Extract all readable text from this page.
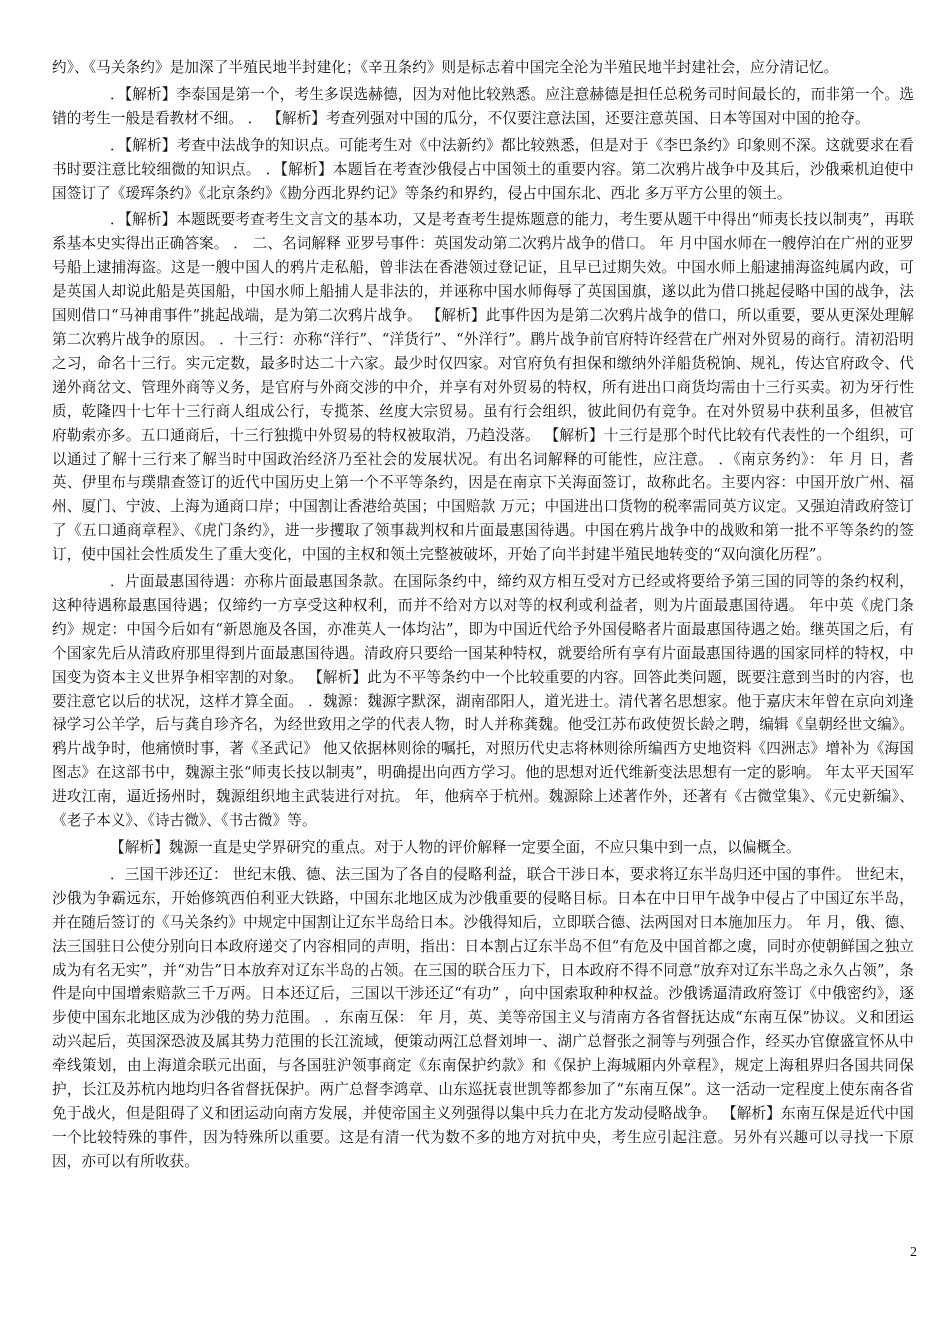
约》、《马关条约》是加深了半殖民地半封建化；《辛丑条约》则是标志着中国完全沦为半殖民地半封建社会，应分清记忆。

．【解析】李泰国是第一个，考生多误选赫德，因为对他比较熟悉。应注意赫德是担任总税务司时间最长的，而非第一个。选错的考生一般是看教材不细。 ． 【解析】考查列强对中国的瓜分，不仅要注意法国，还要注意英国、日本等国对中国的抢夺。

．【解析】考查中法战争的知识点。可能考生对《中法新约》都比较熟悉，但是对于《李巴条约》印象则不深。这就要求在看书时要注意比较细微的知识点。 ．【解析】本题旨在考查沙俄侵占中国领土的重要内容。第二次鸦片战争中及其后，沙俄乘机迫使中国签订了《瑷珲条约》《北京条约》《勘分西北界约记》等条约和界约，侵占中国东北、西北 多万平方公里的领土。

．【解析】本题既要考查考生文言文的基本功，又是考查考生提炼题意的能力，考生要从题干中得出“师夷长技以制夷”，再联系基本史实得出正确答案。 ． 二、名词解释 亚罗号事件：英国发动第二次鸦片战争的借口。 年 月中国水师在一艘停泊在广州的亚罗号船上逮捕海盗。这是一艘中国人的鸦片走私船，曾非法在香港领过登记证，且早已过期失效。中国水师上船逮捕海盗纯属内政，可是英国人却说此船是英国船，中国水师上船捕人是非法的，并诬称中国水师侮辱了英国国旗，遂以此为借口挑起侵略中国的战争，法国则借口“马神甫事件”挑起战端，是为第二次鸦片战争。 【解析】此事件因为是第二次鸦片战争的借口，所以重要，要从更深处理解第二次鸦片战争的原因。 ．十三行：亦称“洋行”、“洋货行”、“外洋行”。鹛片战争前官府特许经营在广州对外贸易的商行。清初沿明之习，命名十三行。实元定数，最多时达二十六家。最少时仅四家。对官府负有担保和缴纳外洋船货税饷、规礼，传达官府政令、代递外商岔文、管理外商等义务，是官府与外商交涉的中介，并享有对外贸易的特权，所有进出口商货均需由十三行买卖。初为牙行性质，乾隆四十七年十三行商人组成公行，专揽茶、丝度大宗贸易。虽有行会组织，彼此间仍有竞争。在对外贸易中获利虽多，但被官府勒索亦多。五口通商后，十三行独揽中外贸易的特权被取消，乃趋没落。 【解析】十三行是那个时代比较有代表性的一个组织，可以通过了解十三行来了解当时中国政治经济乃至社会的发展状况。有出名词解释的可能性，应注意。 ．《南京务约》： 年 月 日，耆英、伊里布与璞鼎查签订的近代中国历史上第一个不平等条约，因是在南京下关海面签订，故称此名。主要内容：中国开放广州、福州、厦门、宁波、上海为通商口岸；中国割让香港给英国；中国赔款 万元；中国进出口货物的税率需同英方议定。又强迫清政府签订了《五口通商章程》、《虎门条约》，进一步攫取了领事裁判权和片面最惠国待遇。中国在鸦片战争中的战败和第一批不平等条约的签订，使中国社会性质发生了重大变化，中国的主权和领土完整被破坏，开始了向半封建半殖民地转变的“双向演化历程”。

．片面最惠国待遇：亦称片面最惠国条款。在国际条约中，缔约双方相互受对方已经或将要给予第三国的同等的条约权利，这种待遇称最惠国待遇；仅缔约一方享受这种权利，而并不给对方以对等的权利或利益者，则为片面最惠国待遇。 年中英《虎门条约》规定：中国今后如有“新恩施及各国，亦准英人一体均沾”，即为中国近代给予外国侵略者片面最惠国待遇之始。继英国之后，有 个国家先后从清政府那里得到片面最惠国待遇。清政府只要给一国某种特权，就要给所有享有片面最惠国待遇的国家同样的特权，中国变为资本主义世界争相宰割的对象。 【解析】此为不平等条约中一个比较重要的内容。回答此类问题，既要注意到当时的内容，也要注意它以后的状况，这样才算全面。 ．魏源：魏源字默深，湖南邵阳人，道光进士。清代著名思想家。他于嘉庆末年曾在京向刘逢禄学习公羊学，后与龚自珍齐名，为经世致用之学的代表人物，时人并称龚魏。他受江苏布政使贺长龄之聘，编辑《皇朝经世文编》。鸦片战争时，他痛愤时事，著《圣武记》 他又依据林则徐的嘱托，对照历代史志将林则徐所编西方史地资料《四洲志》增补为《海国图志》在这部书中，魏源主张“师夷长技以制夷”，明确提出向西方学习。他的思想对近代维新变法思想有一定的影响。 年太平天国军进攻江南，逼近扬州时，魏源组织地主武装进行对抗。 年，他病卒于杭州。魏源除上述著作外，还著有《古微堂集》、《元史新编》、《老子本义》、《诗古微》、《书古微》等。

【解析】魏源一直是史学界研究的重点。对于人物的评价解释一定要全面，不应只集中到一点，以偏概全。

．三国干涉还辽： 世纪末俄、德、法三国为了各自的侵略利益，联合干涉日本，要求将辽东半岛归还中国的事件。 世纪末，沙俄为争霸远东，开始修筑西伯利亚大铁路，中国东北地区成为沙俄重要的侵略目标。日本在中日甲午战争中侵占了中国辽东半岛，并在随后签订的《马关条约》中规定中国割让辽东半岛给日本。沙俄得知后，立即联合德、法两国对日本施加压力。 年 月，俄、德、法三国驻日公使分别向日本政府递交了内容相同的声明，指出：日本割占辽东半岛不但“有危及中国首都之虞，同时亦使朝鲜国之独立成为有名无实”，并“劝告”日本放弃对辽东半岛的占领。在三国的联合压力下，日本政府不得不同意“放弃对辽东半岛之永久占领”，条件是向中国增索赔款三千万两。日本还辽后，三国以干涉还辽“有功” ，向中国索取种种权益。沙俄诱逼清政府签订《中俄密约》，逐步使中国东北地区成为沙俄的势力范围。 ．东南互保： 年 月，英、美等帝国主义与清南方各省督抚达成“东南互保”协议。义和团运动兴起后，英国深恐波及属其势力范围的长江流域，便策动两江总督刘坤一、湖广总督张之洞等与列强合作，经买办官僚盛宣怀从中牵线策划，由上海道余联元出面，与各国驻沪领事商定《东南保护约款》和《保护上海城厢内外章程》，规定上海租界归各国共同保护，长江及苏杭内地均归各省督抚保护。两广总督李鸿章、山东巡抚袁世凯等都参加了“东南互保”。这一活动一定程度上使东南各省免于战火，但是阻碍了义和团运动向南方发展，并使帝国主义列强得以集中兵力在北方发动侵略战争。 【解析】东南互保是近代中国一个比较特殊的事件，因为特殊所以重要。这是有清一代为数不多的地方对抗中央，考生应引起注意。另外有兴趣可以寻找一下原因，亦可以有所收获。

2
